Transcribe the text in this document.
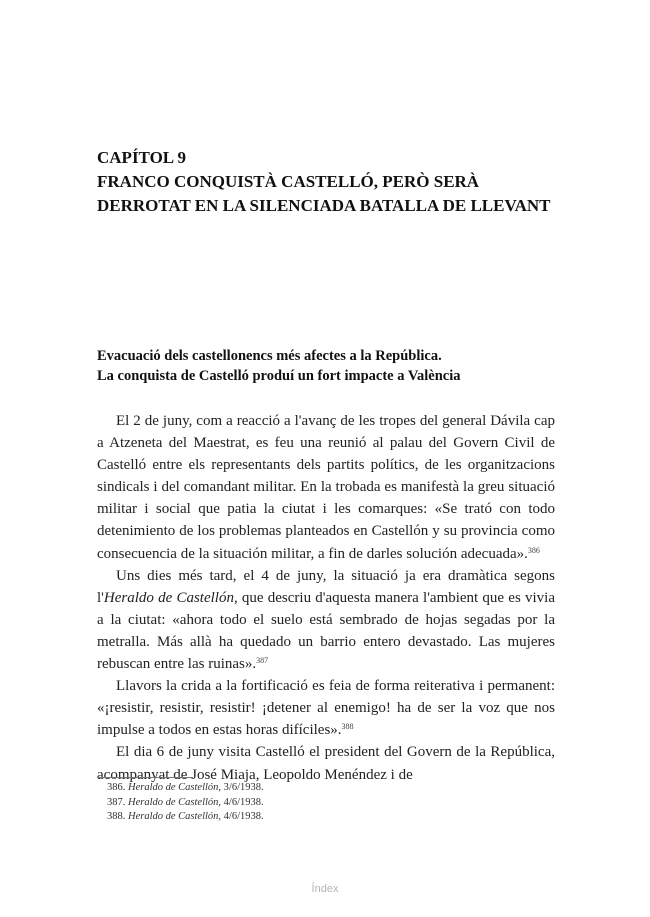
CAPÍTOL 9
FRANCO CONQUISTÀ CASTELLÓ, PERÒ SERÀ
DERROTAT EN LA SILENCIADA BATALLA DE LLEVANT
Evacuació dels castellonencs més afectes a la República.
La conquista de Castelló produí un fort impacte a València

El 2 de juny, com a reacció a l'avanç de les tropes del general Dávila cap a Atzeneta del Maestrat, es feu una reunió al palau del Govern Civil de Castelló entre els representants dels partits polítics, de les organitzacions sindicals i del comandant militar. En la trobada es manifestà la greu situació militar i social que patia la ciutat i les comarques: «Se trató con todo detenimiento de los problemas planteados en Castellón y su provincia como consecuencia de la situación militar, a fin de darles solución adecuada».$^{386}$

Uns dies més tard, el 4 de juny, la situació ja era dramàtica segons l'Heraldo de Castellón, que descriu d'aquesta manera l'ambient que es vivia a la ciutat: «ahora todo el suelo está sembrado de hojas segadas por la metralla. Más allà ha quedado un barrio entero devastado. Las mujeres rebuscan entre las ruinas».$^{387}$

Llavors la crida a la fortificació es feia de forma reiterativa i permanent: «¡resistir, resistir, resistir! ¡detener al enemigo! ha de ser la voz que nos impulse a todos en estas horas difíciles».$^{388}$

El dia 6 de juny visita Castelló el president del Govern de la República, acompanyat de José Miaja, Leopoldo Menéndez i de

386. Heraldo de Castellón, 3/6/1938.
387. Heraldo de Castellón, 4/6/1938.
388. Heraldo de Castellón, 4/6/1938.
Índex
